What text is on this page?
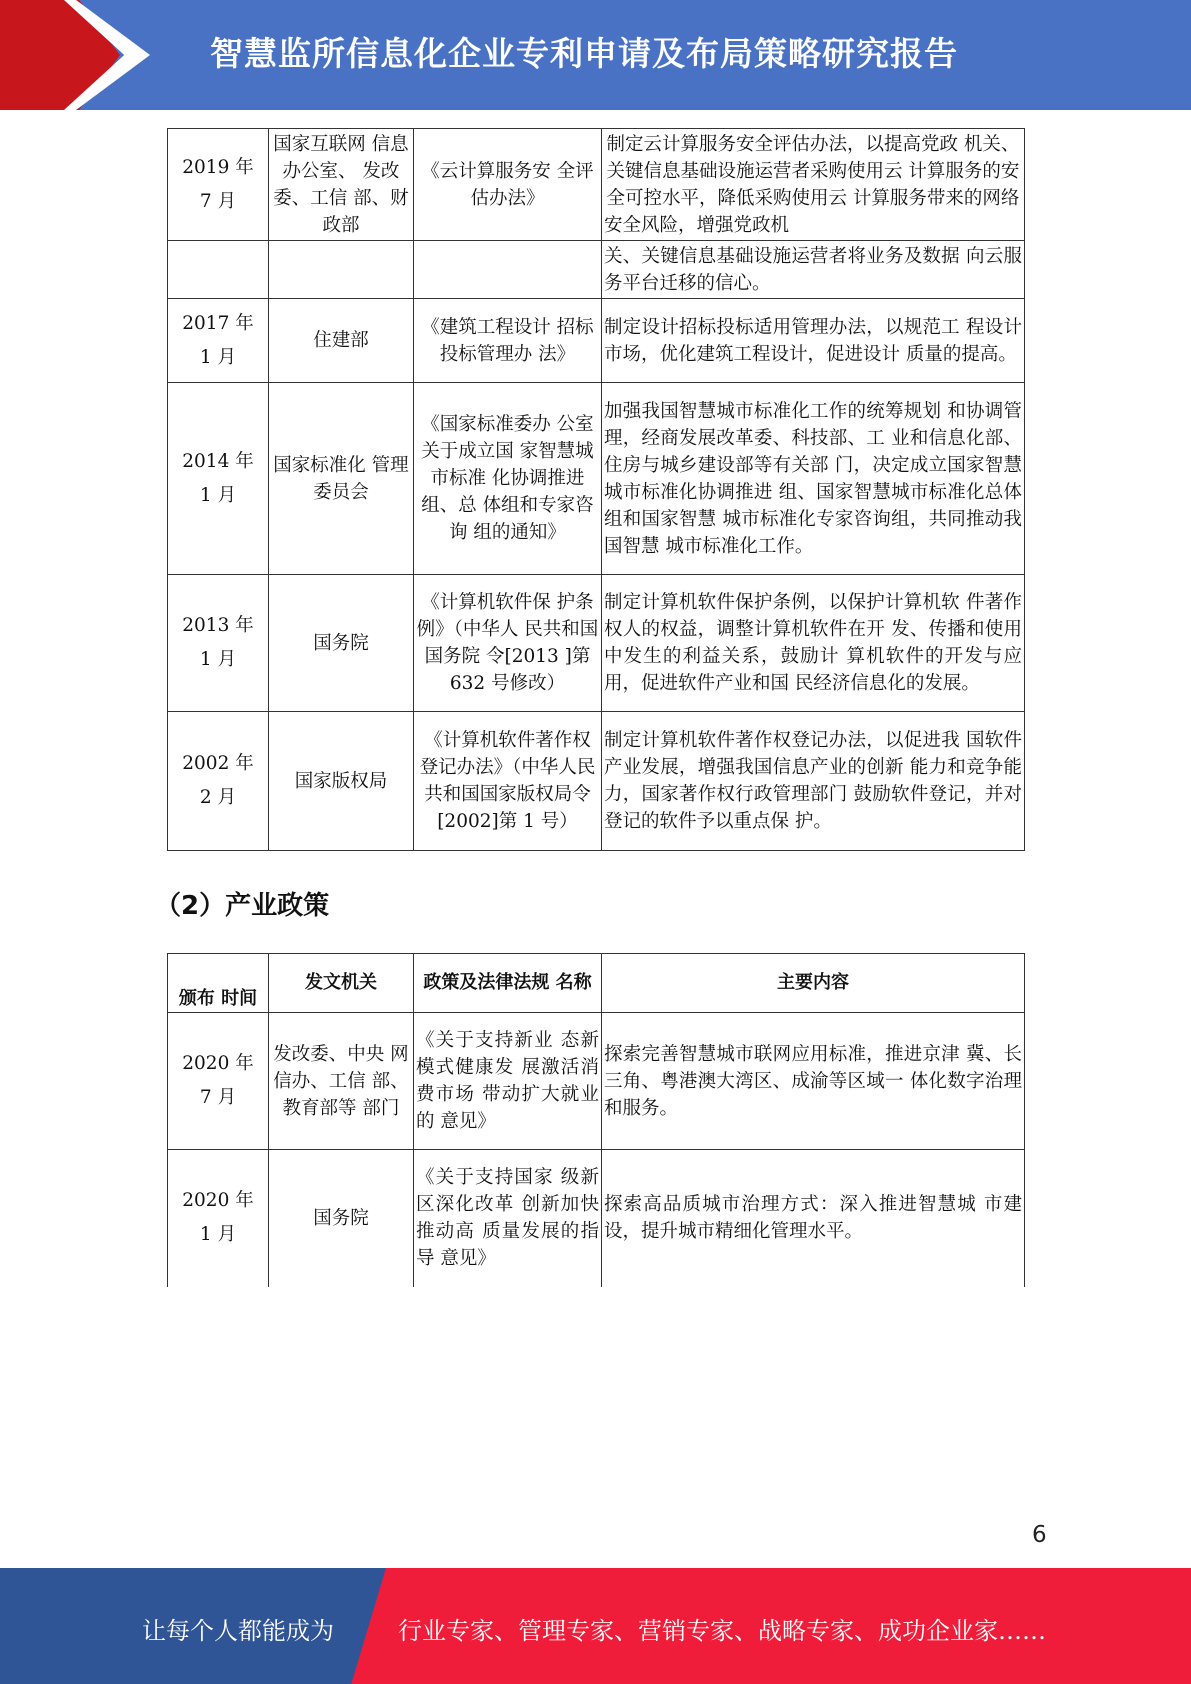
智慧监所信息化企业专利申请及布局策略研究报告
2019 年
7 月	国家互联网 信息办公室、 发改委、工信 部、财政部	《云计算服务安 全评估办法》	制定云计算服务安全评估办法，以提高党政 机关、关键信息基础设施运营者采购使用云 计算服务的安全可控水平，降低采购使用云 计算服务带来的网络安全风险，增强党政机
			关、关键信息基础设施运营者将业务及数据 向云服务平台迁移的信心。
2017 年
1 月	住建部	《建筑工程设计 招标投标管理办 法》	制定设计招标投标适用管理办法，以规范工 程设计市场，优化建筑工程设计，促进设计 质量的提高。
2014 年
1 月	国家标准化 管理委员会	《国家标准委办 公室关于成立国 家智慧城市标准 化协调推进组、总 体组和专家咨询 组的通知》	加强我国智慧城市标准化工作的统筹规划 和协调管理，经商发展改革委、科技部、工 业和信息化部、住房与城乡建设部等有关部 门，决定成立国家智慧城市标准化协调推进 组、国家智慧城市标准化总体组和国家智慧 城市标准化专家咨询组，共同推动我国智慧 城市标准化工作。
2013 年
1 月	国务院	《计算机软件保 护条例》（中华人 民共和国国务院 令[2013 ]第 632 号修改）	制定计算机软件保护条例，以保护计算机软 件著作权人的权益，调整计算机软件在开 发、传播和使用中发生的利益关系，鼓励计 算机软件的开发与应用，促进软件产业和国 民经济信息化的发展。
2002 年
2 月	国家版权局	《计算机软件著作权登记办法》（中华人民共和国国家版权局令[2002]第 1 号）	制定计算机软件著作权登记办法，以促进我 国软件产业发展，增强我国信息产业的创新 能力和竞争能力，国家著作权行政管理部门 鼓励软件登记，并对登记的软件予以重点保 护。
（2）产业政策
颁布 时间	发文机关	政策及法律法规 名称	主要内容
2020 年
7 月	发改委、中央 网信办、工信 部、教育部等 部门	《关于支持新业 态新模式健康发 展激活消费市场 带动扩大就业的 意见》	探索完善智慧城市联网应用标准，推进京津 冀、长三角、粤港澳大湾区、成渝等区域一 体化数字治理和服务。
2020 年
1 月	国务院	《关于支持国家 级新区深化改革 创新加快推动高 质量发展的指导 意见》	探索高品质城市治理方式：深入推进智慧城 市建设，提升城市精细化管理水平。
6
让每个人都能成为	行业专家、管理专家、营销专家、战略专家、成功企业家……
